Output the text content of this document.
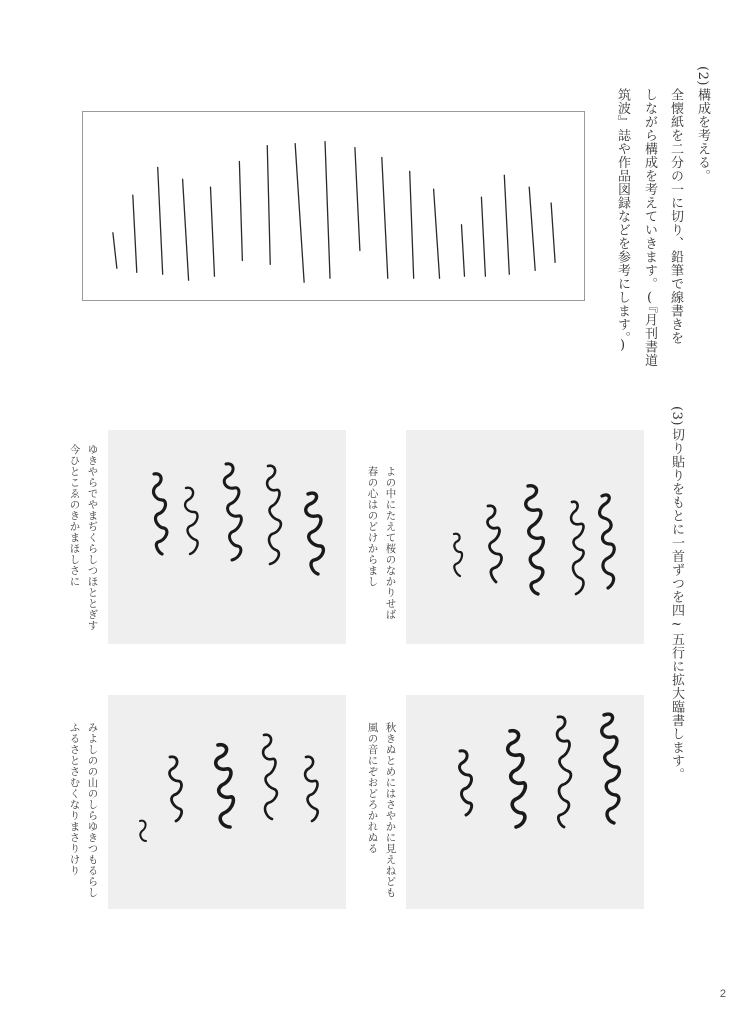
(2)
構成を考える。
全懐紙を二分の一に切り、鉛筆で線書きを
しながら構成を考えていきます。(『月刊書道
筑波』誌や作品図録などを参考にします。)
(3)
切り貼りをもとに一首ずつを四~五行に拡大臨書します。
よの中にたえて桜のなかりせば
春の心はのどけからまし
ゆきやらでやまぢくらしつほととぎす
今ひとこゑのきかまほしさに
秋きぬとめにはさやかに見えねども
風の音にぞおどろかれぬる
みよしのの山のしらゆきつもるらし
ふるさとさむくなりまさりけり
2
